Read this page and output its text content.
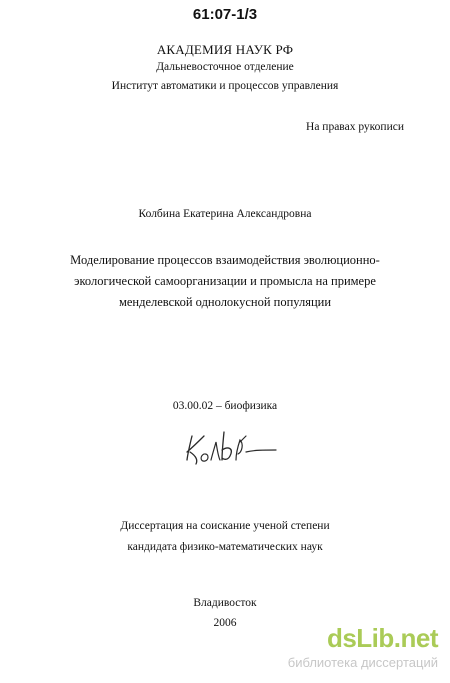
61:07-1/3
АКАДЕМИЯ НАУК РФ
Дальневосточное отделение
Институт автоматики и процессов управления
На правах рукописи
Колбина Екатерина Александровна
Моделирование процессов взаимодействия эволюционно-
экологической самоорганизации и промысла на примере
менделевской однолокусной популяции
03.00.02 – биофизика
Диссертация на соискание ученой степени
кандидата физико-математических наук
Владивосток
2006	dsLib.net
библиотека диссертаций
